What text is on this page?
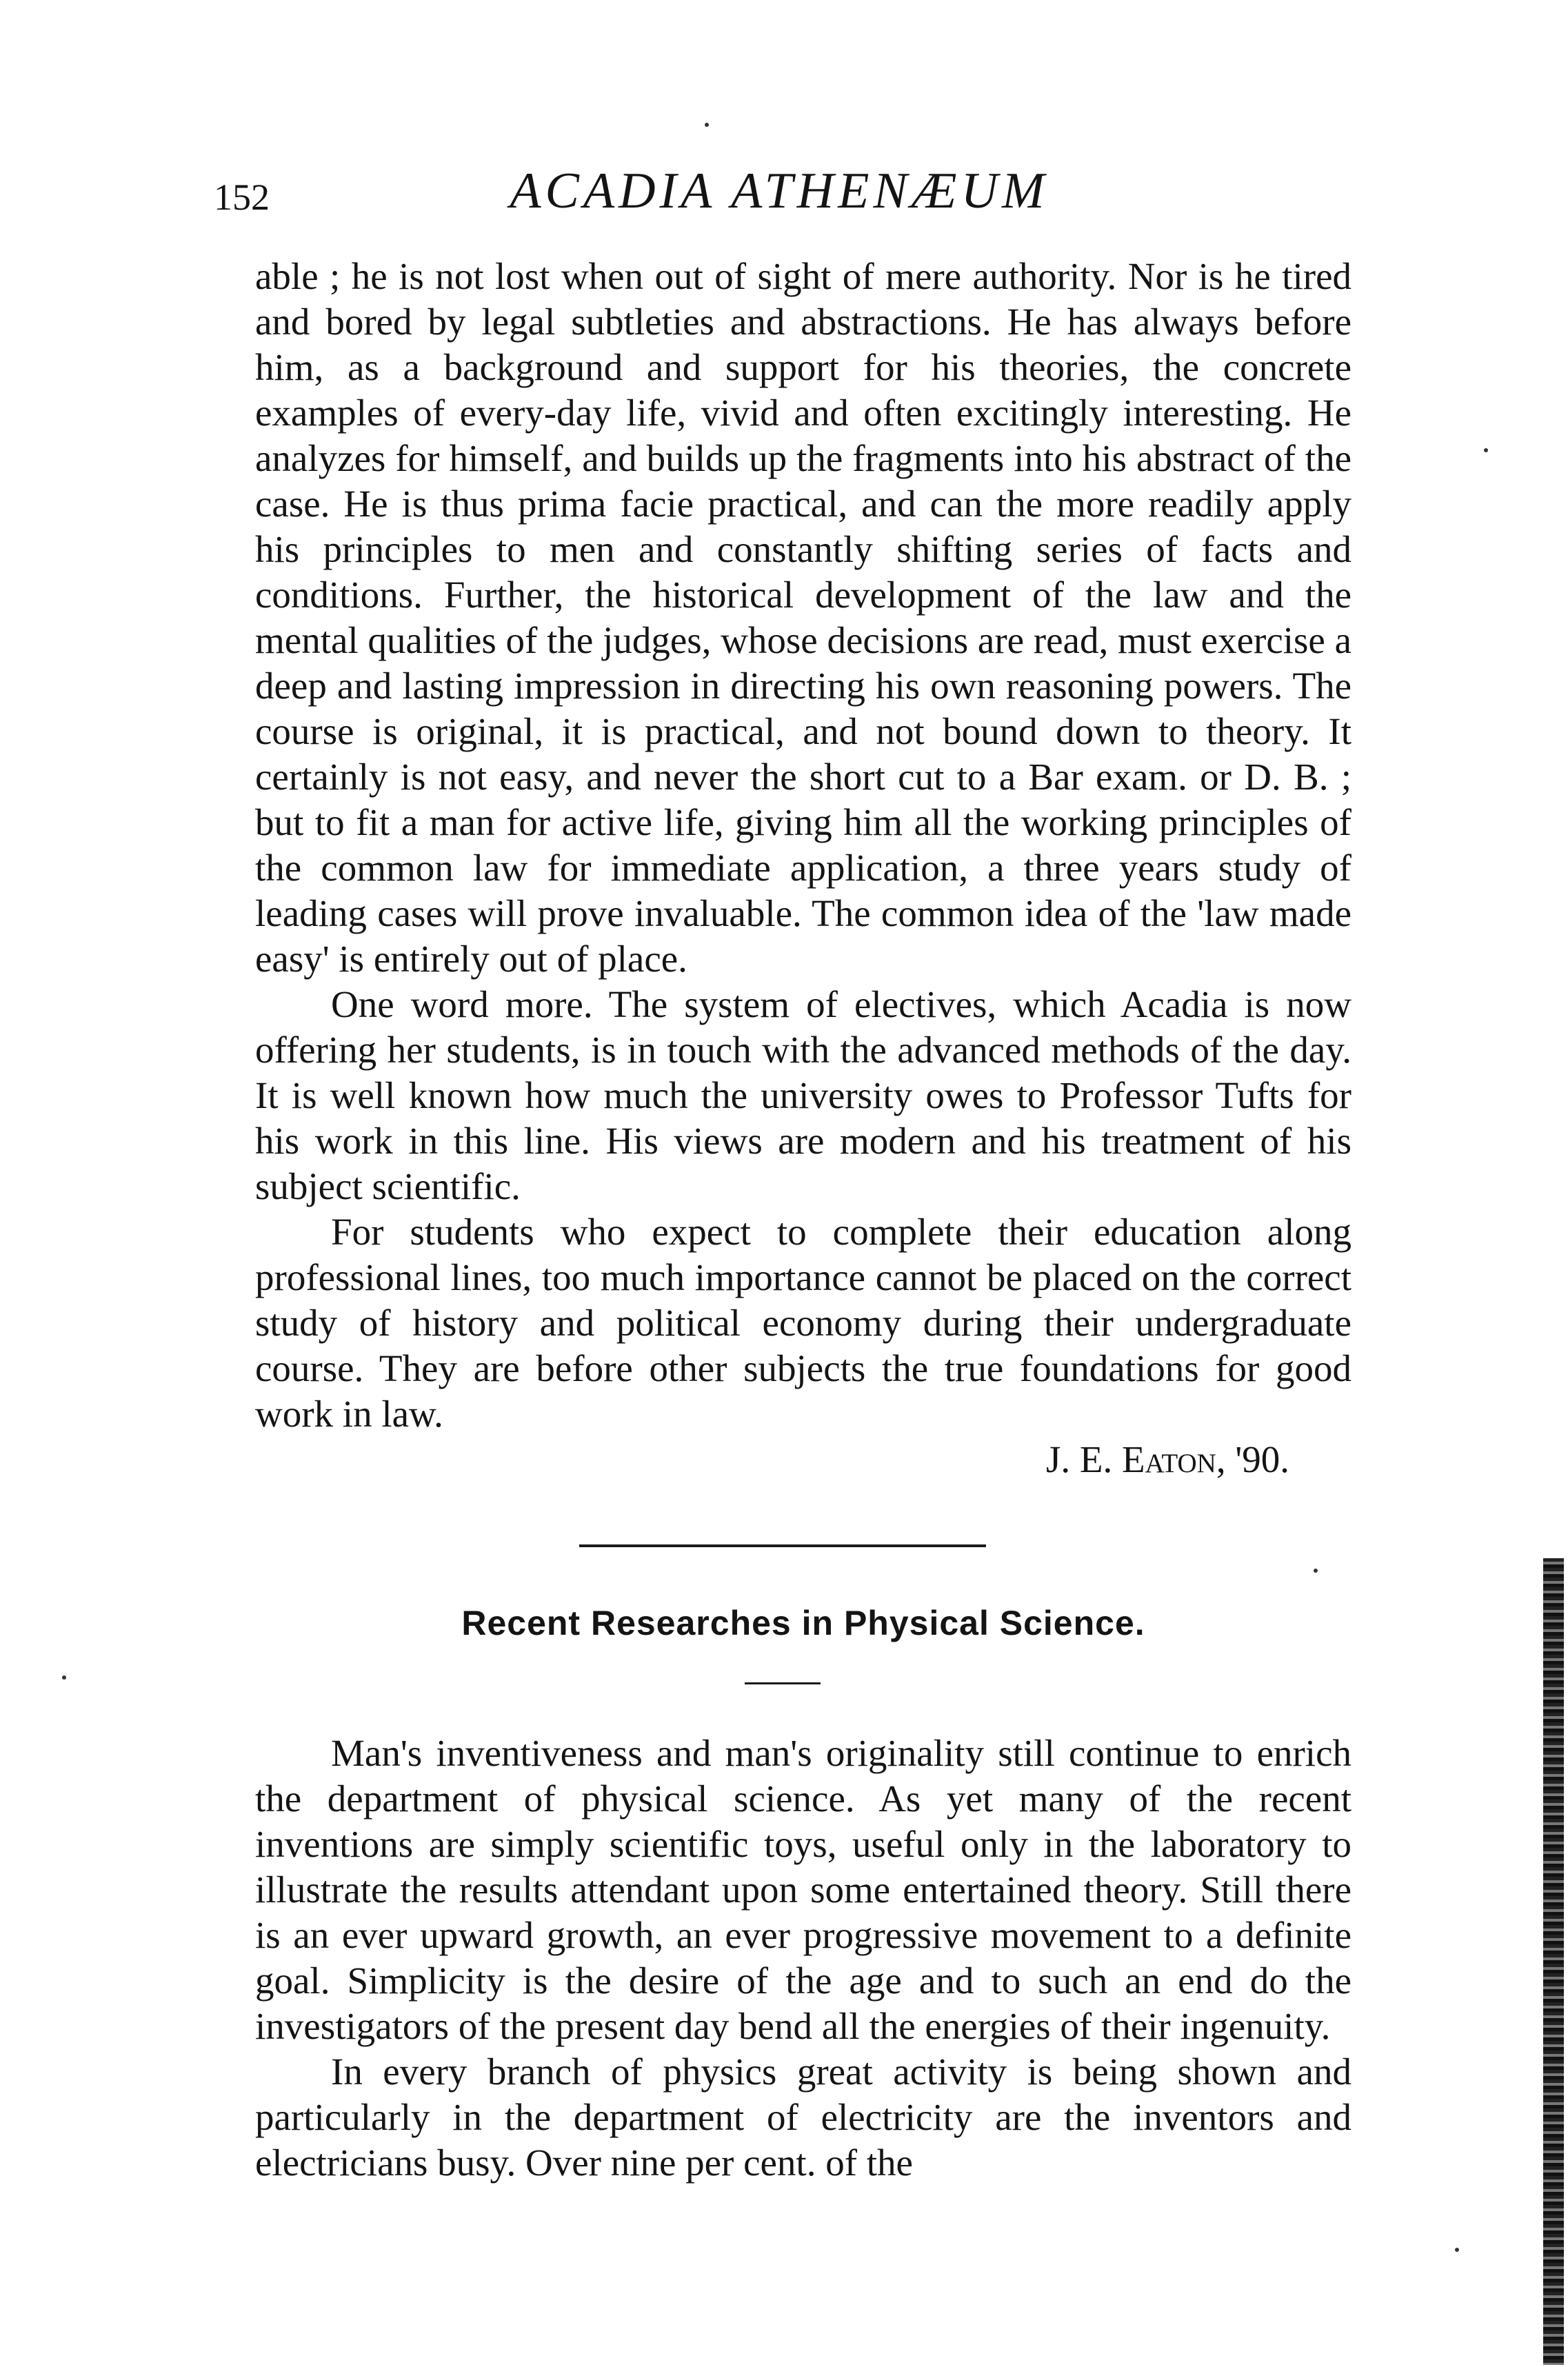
152	ACADIA ATHENÆUM

able ; he is not lost when out of sight of mere authority. Nor is he tired and bored by legal subtleties and abstractions. He has always before him, as a background and support for his theories, the concrete examples of every-day life, vivid and often excitingly interesting. He analyzes for himself, and builds up the fragments into his abstract of the case. He is thus prima facie practical, and can the more readily apply his principles to men and constantly shifting series of facts and conditions. Further, the historical development of the law and the mental qualities of the judges, whose decisions are read, must exercise a deep and lasting impression in directing his own reasoning powers. The course is original, it is practical, and not bound down to theory. It certainly is not easy, and never the short cut to a Bar exam. or D. B. ; but to fit a man for active life, giving him all the working principles of the common law for immediate application, a three years study of leading cases will prove invaluable. The common idea of the 'law made easy' is entirely out of place.

One word more. The system of electives, which Acadia is now offering her students, is in touch with the advanced methods of the day. It is well known how much the university owes to Professor Tufts for his work in this line. His views are modern and his treatment of his subject scientific.

For students who expect to complete their education along professional lines, too much importance cannot be placed on the correct study of history and political economy during their undergraduate course. They are before other subjects the true foundations for good work in law.

J. E. Eaton, '90.

Recent Researches in Physical Science.

Man's inventiveness and man's originality still continue to enrich the department of physical science. As yet many of the recent inventions are simply scientific toys, useful only in the laboratory to illustrate the results attendant upon some entertained theory. Still there is an ever upward growth, an ever progressive movement to a definite goal. Simplicity is the desire of the age and to such an end do the investigators of the present day bend all the energies of their ingenuity.

In every branch of physics great activity is being shown and particularly in the department of electricity are the inventors and electricians busy. Over nine per cent. of the
